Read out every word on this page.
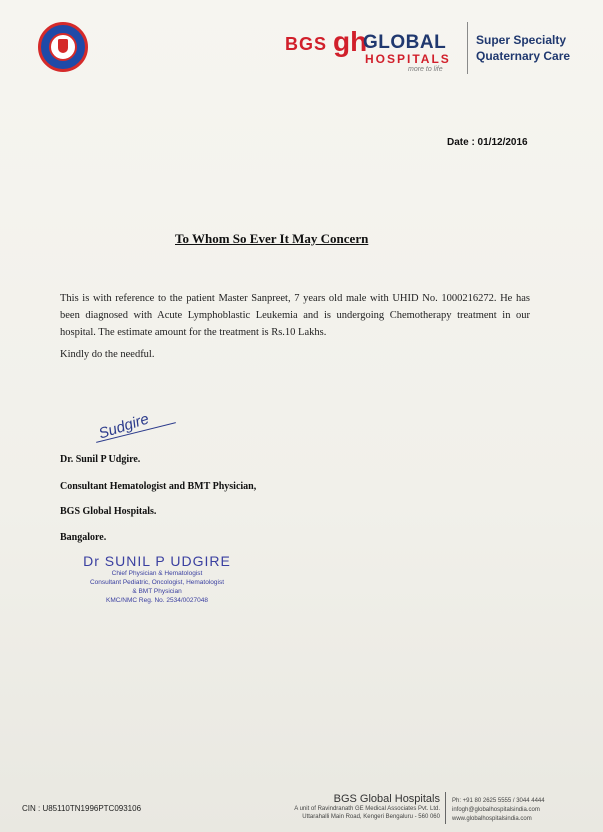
BGS gh
GLOBAL
HOSPITALS
more to life
Super Specialty
Quaternary Care
Date : 01/12/2016
To Whom So Ever It May Concern
This is with reference to the patient Master Sanpreet, 7 years old male with UHID No. 1000216272. He has been diagnosed with Acute Lymphoblastic Leukemia and is undergoing Chemotherapy treatment in our hospital. The estimate amount for the treatment is Rs.10 Lakhs.
Kindly do the needful.
Sudgire
Dr. Sunil P Udgire.
Consultant Hematologist and BMT Physician,
BGS Global Hospitals.
Bangalore.
Dr SUNIL P UDGIRE
Chief Physician & Hematologist
Consultant Pediatric, Oncologist, Hematologist
& BMT Physician
KMC/NMC Reg. No. 2534/0027048
CIN : U85110TN1996PTC093106
BGS Global Hospitals
A unit of Ravindranath GE Medical Associates Pvt. Ltd.
Uttarahalli Main Road, Kengeri Bengaluru - 560 060
Ph: +91 80 2625 5555 / 3044 4444
infogh@globalhospitalsindia.com
www.globalhospitalsindia.com
